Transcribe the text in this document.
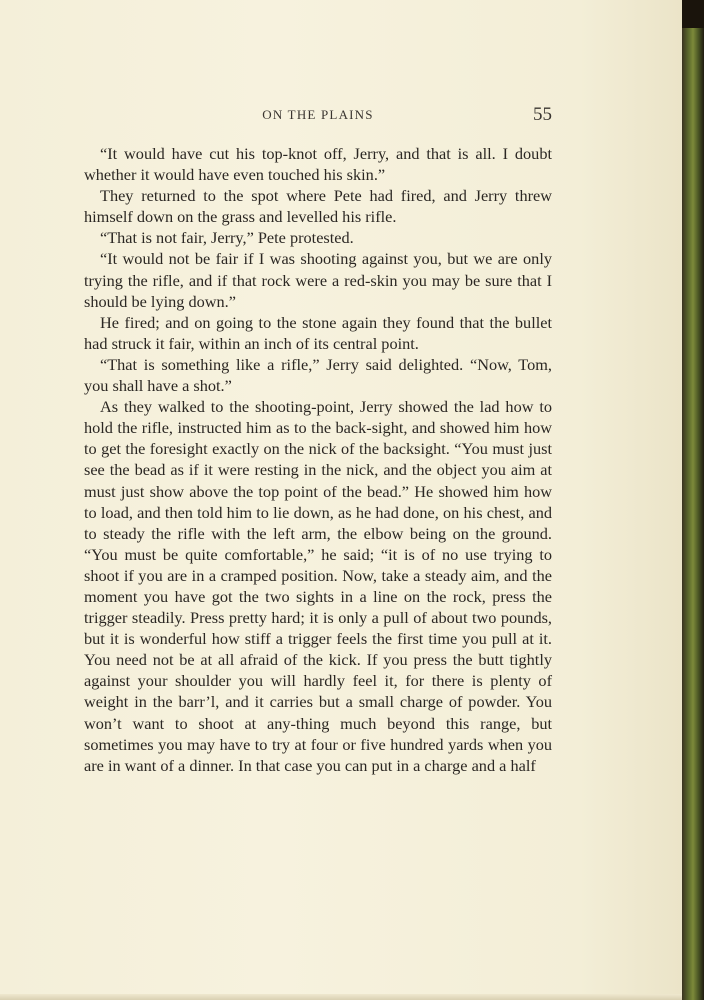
ON THE PLAINS	55

“It would have cut his top-knot off, Jerry, and that is all. I doubt whether it would have even touched his skin.”

They returned to the spot where Pete had fired, and Jerry threw himself down on the grass and levelled his rifle.

“That is not fair, Jerry,” Pete protested.

“It would not be fair if I was shooting against you, but we are only trying the rifle, and if that rock were a red-skin you may be sure that I should be lying down.”

He fired; and on going to the stone again they found that the bullet had struck it fair, within an inch of its central point.

“That is something like a rifle,” Jerry said delighted. “Now, Tom, you shall have a shot.”

As they walked to the shooting-point, Jerry showed the lad how to hold the rifle, instructed him as to the back-sight, and showed him how to get the foresight exactly on the nick of the backsight. “You must just see the bead as if it were resting in the nick, and the object you aim at must just show above the top point of the bead.” He showed him how to load, and then told him to lie down, as he had done, on his chest, and to steady the rifle with the left arm, the elbow being on the ground. “You must be quite comfortable,” he said; “it is of no use trying to shoot if you are in a cramped position. Now, take a steady aim, and the moment you have got the two sights in a line on the rock, press the trigger steadily. Press pretty hard; it is only a pull of about two pounds, but it is wonderful how stiff a trigger feels the first time you pull at it. You need not be at all afraid of the kick. If you press the butt tightly against your shoulder you will hardly feel it, for there is plenty of weight in the barr’l, and it carries but a small charge of powder. You won’t want to shoot at any-thing much beyond this range, but sometimes you may have to try at four or five hundred yards when you are in want of a dinner. In that case you can put in a charge and a half
